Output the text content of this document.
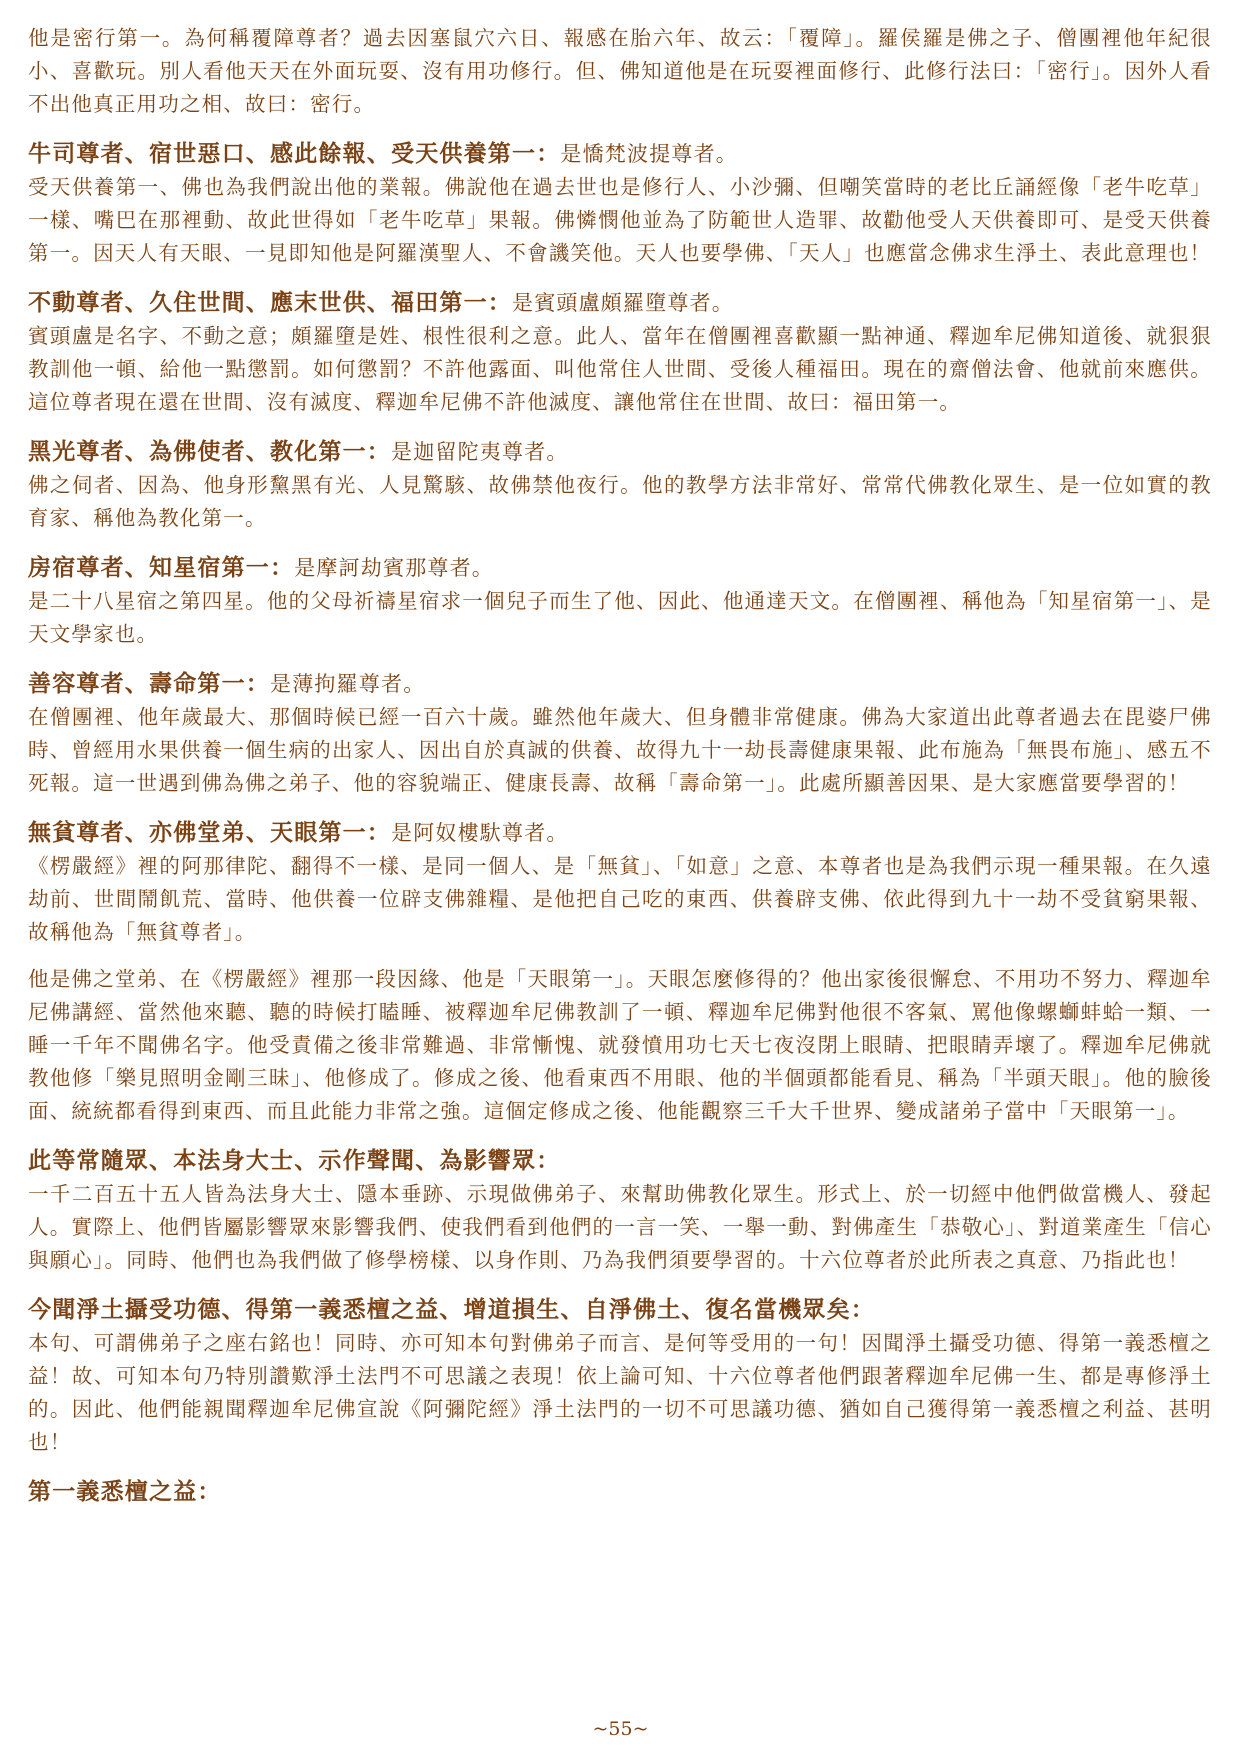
他是密行第一。為何稱覆障尊者？過去因塞鼠穴六日、報感在胎六年、故云：「覆障」。羅侯羅是佛之子、僧團裡他年紀很小、喜歡玩。別人看他天天在外面玩耍、沒有用功修行。但、佛知道他是在玩耍裡面修行、此修行法曰：「密行」。因外人看不出他真正用功之相、故曰：密行。

牛司尊者、宿世惡口、感此餘報、受天供養第一：是憍梵波提尊者。

受天供養第一、佛也為我們說出他的業報。佛說他在過去世也是修行人、小沙彌、但嘲笑當時的老比丘誦經像「老牛吃草」一樣、嘴巴在那裡動、故此世得如「老牛吃草」果報。佛憐憫他並為了防範世人造罪、故勸他受人天供養即可、是受天供養第一。因天人有天眼、一見即知他是阿羅漢聖人、不會譏笑他。天人也要學佛、「天人」也應當念佛求生淨土、表此意理也！

不動尊者、久住世間、應末世供、福田第一：是賓頭盧頗羅墮尊者。

賓頭盧是名字、不動之意；頗羅墮是姓、根性很利之意。此人、當年在僧團裡喜歡顯一點神通、釋迦牟尼佛知道後、就狠狠教訓他一頓、給他一點懲罰。如何懲罰？不許他露面、叫他常住人世間、受後人種福田。現在的齋僧法會、他就前來應供。這位尊者現在還在世間、沒有滅度、釋迦牟尼佛不許他滅度、讓他常住在世間、故曰：福田第一。

黑光尊者、為佛使者、教化第一：是迦留陀夷尊者。

佛之伺者、因為、他身形黧黑有光、人見驚駭、故佛禁他夜行。他的教學方法非常好、常常代佛教化眾生、是一位如實的教育家、稱他為教化第一。

房宿尊者、知星宿第一：是摩訶劫賓那尊者。

是二十八星宿之第四星。他的父母祈禱星宿求一個兒子而生了他、因此、他通達天文。在僧團裡、稱他為「知星宿第一」、是天文學家也。

善容尊者、壽命第一：是薄拘羅尊者。

在僧團裡、他年歲最大、那個時候已經一百六十歲。雖然他年歲大、但身體非常健康。佛為大家道出此尊者過去在毘婆尸佛時、曾經用水果供養一個生病的出家人、因出自於真誠的供養、故得九十一劫長壽健康果報、此布施為「無畏布施」、感五不死報。這一世遇到佛為佛之弟子、他的容貌端正、健康長壽、故稱「壽命第一」。此處所顯善因果、是大家應當要學習的！

無貧尊者、亦佛堂弟、天眼第一：是阿奴樓馱尊者。

《楞嚴經》裡的阿那律陀、翻得不一樣、是同一個人、是「無貧」、「如意」之意、本尊者也是為我們示現一種果報。在久遠劫前、世間鬧飢荒、當時、他供養一位辟支佛雜糧、是他把自己吃的東西、供養辟支佛、依此得到九十一劫不受貧窮果報、故稱他為「無貧尊者」。

他是佛之堂弟、在《楞嚴經》裡那一段因緣、他是「天眼第一」。天眼怎麼修得的？他出家後很懈怠、不用功不努力、釋迦牟尼佛講經、當然他來聽、聽的時候打瞌睡、被釋迦牟尼佛教訓了一頓、釋迦牟尼佛對他很不客氣、罵他像螺螄蚌蛤一類、一睡一千年不聞佛名字。他受責備之後非常難過、非常慚愧、就發憤用功七天七夜沒閉上眼睛、把眼睛弄壞了。釋迦牟尼佛就教他修「樂見照明金剛三昧」、他修成了。修成之後、他看東西不用眼、他的半個頭都能看見、稱為「半頭天眼」。他的臉後面、統統都看得到東西、而且此能力非常之強。這個定修成之後、他能觀察三千大千世界、變成諸弟子當中「天眼第一」。

此等常隨眾、本法身大士、示作聲聞、為影響眾：

一千二百五十五人皆為法身大士、隱本垂跡、示現做佛弟子、來幫助佛教化眾生。形式上、於一切經中他們做當機人、發起人。實際上、他們皆屬影響眾來影響我們、使我們看到他們的一言一笑、一舉一動、對佛產生「恭敬心」、對道業產生「信心與願心」。同時、他們也為我們做了修學榜樣、以身作則、乃為我們須要學習的。十六位尊者於此所表之真意、乃指此也！

今聞淨土攝受功德、得第一義悉檀之益、增道損生、自淨佛土、復名當機眾矣：

本句、可謂佛弟子之座右銘也！同時、亦可知本句對佛弟子而言、是何等受用的一句！因聞淨土攝受功德、得第一義悉檀之益！故、可知本句乃特別讚歎淨土法門不可思議之表現！依上論可知、十六位尊者他們跟著釋迦牟尼佛一生、都是專修淨土的。因此、他們能親聞釋迦牟尼佛宣說《阿彌陀經》淨土法門的一切不可思議功德、猶如自己獲得第一義悉檀之利益、甚明也！

第一義悉檀之益：

~55~
